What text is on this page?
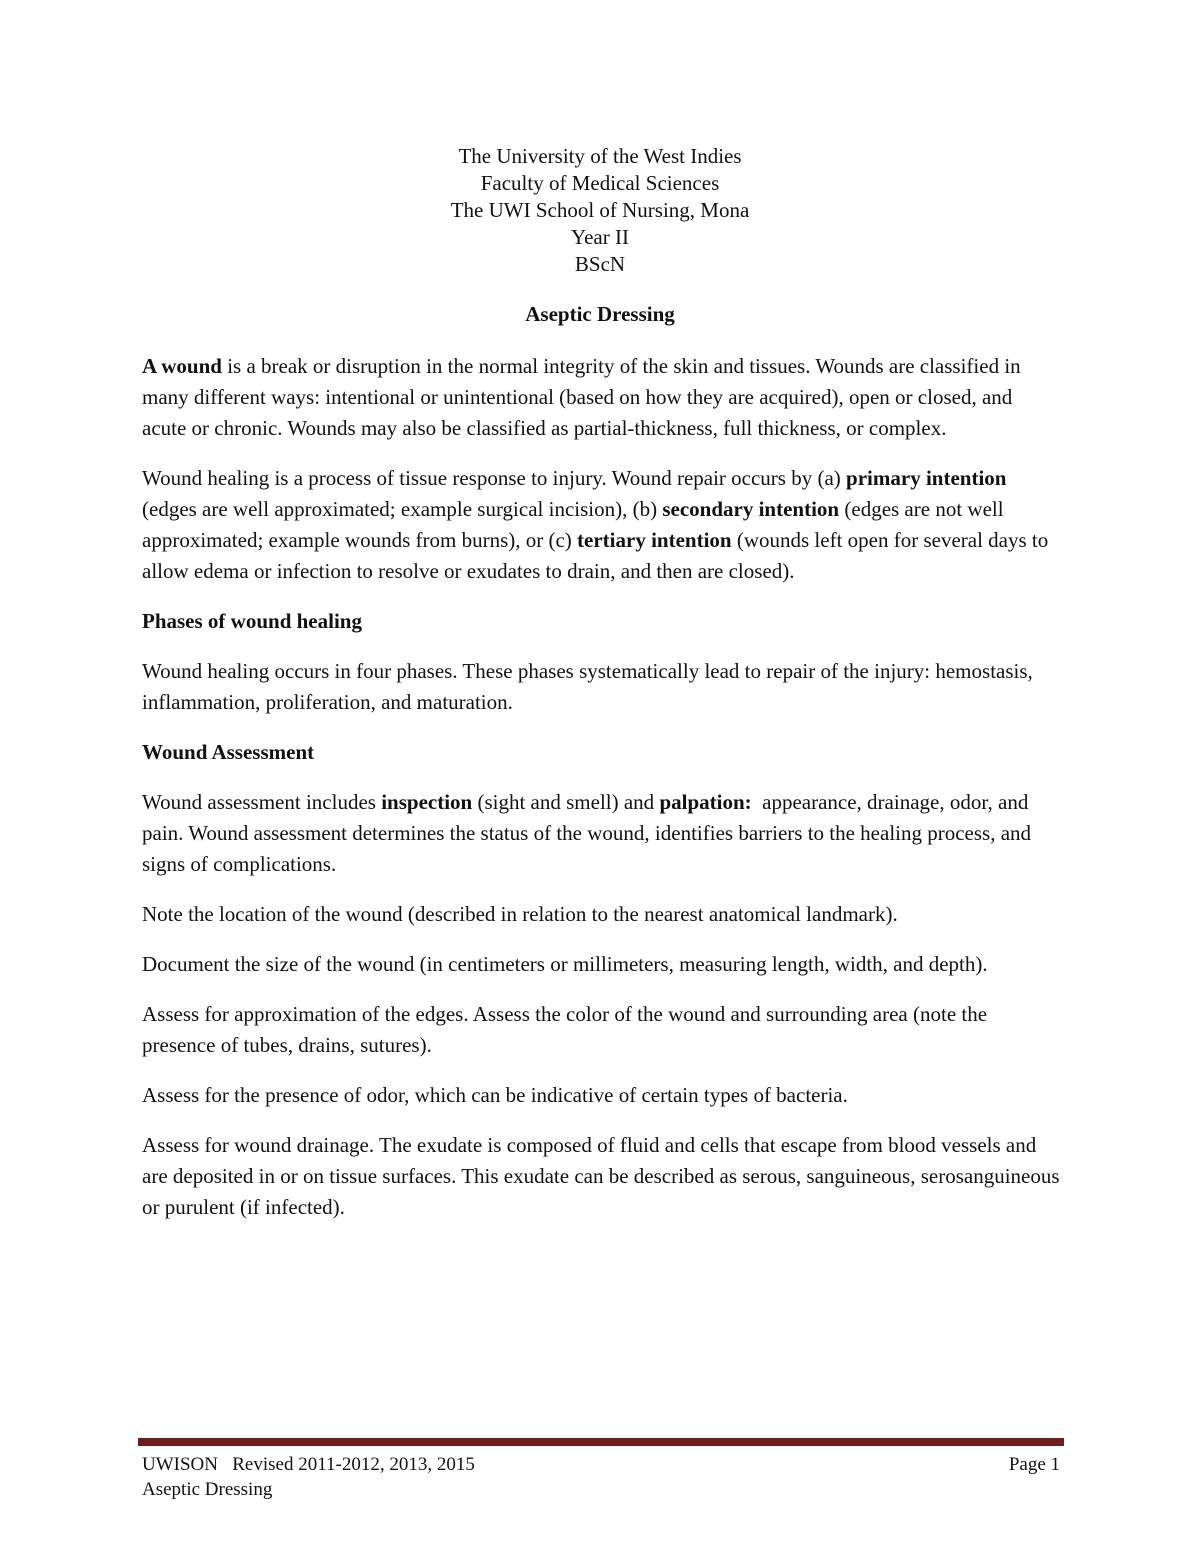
The University of the West Indies
Faculty of Medical Sciences
The UWI School of Nursing, Mona
Year II
BScN
Aseptic Dressing

A wound is a break or disruption in the normal integrity of the skin and tissues. Wounds are classified in many different ways: intentional or unintentional (based on how they are acquired), open or closed, and acute or chronic. Wounds may also be classified as partial-thickness, full thickness, or complex.

Wound healing is a process of tissue response to injury. Wound repair occurs by (a) primary intention (edges are well approximated; example surgical incision), (b) secondary intention (edges are not well approximated; example wounds from burns), or (c) tertiary intention (wounds left open for several days to allow edema or infection to resolve or exudates to drain, and then are closed).

Phases of wound healing

Wound healing occurs in four phases. These phases systematically lead to repair of the injury: hemostasis, inflammation, proliferation, and maturation.

Wound Assessment

Wound assessment includes inspection (sight and smell) and palpation:  appearance, drainage, odor, and pain. Wound assessment determines the status of the wound, identifies barriers to the healing process, and signs of complications.

Note the location of the wound (described in relation to the nearest anatomical landmark).

Document the size of the wound (in centimeters or millimeters, measuring length, width, and depth).

Assess for approximation of the edges. Assess the color of the wound and surrounding area (note the presence of tubes, drains, sutures).

Assess for the presence of odor, which can be indicative of certain types of bacteria.

Assess for wound drainage. The exudate is composed of fluid and cells that escape from blood vessels and are deposited in or on tissue surfaces. This exudate can be described as serous, sanguineous, serosanguineous or purulent (if infected).

UWISON   Revised 2011-2012, 2013, 2015	Page 1
Aseptic Dressing
